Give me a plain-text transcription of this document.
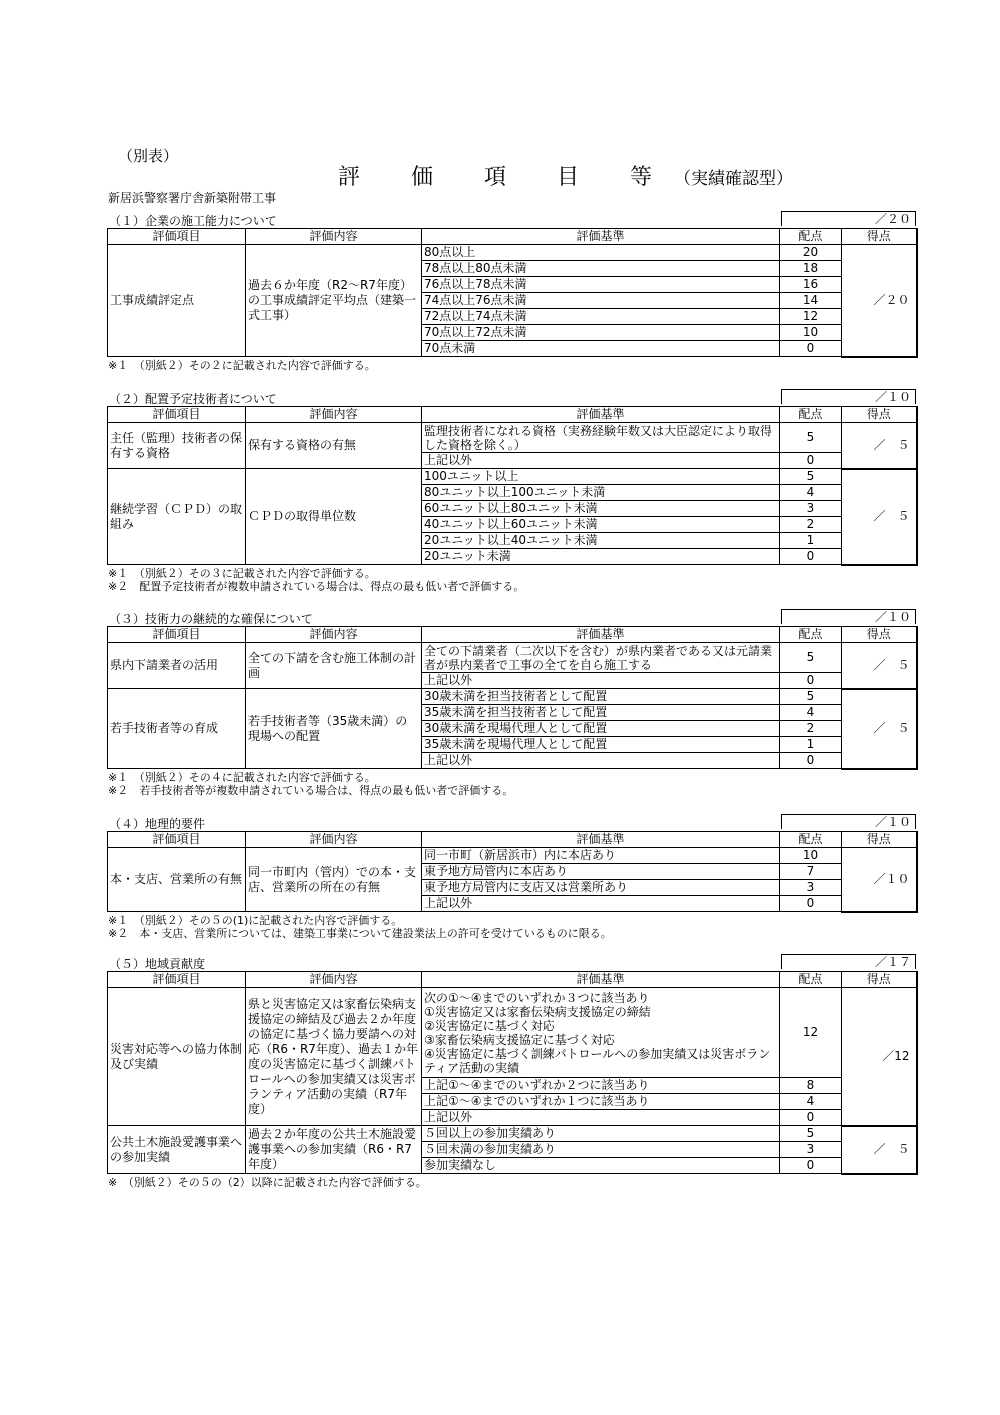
（別表）
評 価 項 目 等（実績確認型）
新居浜警察署庁舎新築附帯工事
（１）企業の施工能力について	／２０
評価項目	評価内容	評価基準	配点	得点
工事成績評定点	過去６か年度（R2～R7年度）の工事成績評定平均点（建築一式工事）	80点以上	20	／２０
		78点以上80点未満	18	
		76点以上78点未満	16	
		74点以上76点未満	14	
		72点以上74点未満	12	
		70点以上72点未満	10	
		70点未満	0	
※１　（別紙２）その２に記載された内容で評価する。
（２）配置予定技術者について	／１０
評価項目	評価内容	評価基準	配点	得点
主任（監理）技術者の保有する資格	保有する資格の有無	監理技術者になれる資格（実務経験年数又は大臣認定により取得した資格を除く。）	5	／　５
		上記以外	0	
継続学習（ＣＰＤ）の取組み	ＣＰＤの取得単位数	100ユニット以上	5	／　５
		80ユニット以上100ユニット未満	4	
		60ユニット以上80ユニット未満	3	
		40ユニット以上60ユニット未満	2	
		20ユニット以上40ユニット未満	1	
		20ユニット未満	0	
※１　（別紙２）その３に記載された内容で評価する。
※２　配置予定技術者が複数申請されている場合は、得点の最も低い者で評価する。
（３）技術力の継続的な確保について	／１０
評価項目	評価内容	評価基準	配点	得点
県内下請業者の活用	全ての下請を含む施工体制の計画	全ての下請業者（二次以下を含む）が県内業者である又は元請業者が県内業者で工事の全てを自ら施工する	5	／　５
		上記以外	0	
若手技術者等の育成	若手技術者等（35歳未満）の現場への配置	30歳未満を担当技術者として配置	5	／　５
		35歳未満を担当技術者として配置	4	
		30歳未満を現場代理人として配置	2	
		35歳未満を現場代理人として配置	1	
		上記以外	0	
※１　（別紙２）その４に記載された内容で評価する。
※２　若手技術者等が複数申請されている場合は、得点の最も低い者で評価する。
（４）地理的要件	／１０
評価項目	評価内容	評価基準	配点	得点
本・支店、営業所の有無	同一市町内（管内）での本・支店、営業所の所在の有無	同一市町（新居浜市）内に本店あり	10	／１０
		東予地方局管内に本店あり	7	
		東予地方局管内に支店又は営業所あり	3	
		上記以外	0	
※１　（別紙２）その５の(1)に記載された内容で評価する。
※２　本・支店、営業所については、建築工事業について建設業法上の許可を受けているものに限る。
（５）地域貢献度	／１７
評価項目	評価内容	評価基準	配点	得点
災害対応等への協力体制及び実績	県と災害協定又は家畜伝染病支援協定の締結及び過去２か年度の協定に基づく協力要請への対応（R6・R7年度）、過去１か年度の災害協定に基づく訓練パトロールへの参加実績又は災害ボランティア活動の実績（R7年度）	次の①～④までのいずれか３つに該当あり
①災害協定又は家畜伝染病支援協定の締結
②災害協定に基づく対応
③家畜伝染病支援協定に基づく対応
④災害協定に基づく訓練パトロールへの参加実績又は災害ボランティア活動の実績	12	／12
		上記①～④までのいずれか２つに該当あり	8	
		上記①～④までのいずれか１つに該当あり	4	
		上記以外	0	
公共土木施設愛護事業への参加実績	過去２か年度の公共土木施設愛護事業への参加実績（R6・R7年度）	５回以上の参加実績あり	5	／　５
		５回未満の参加実績あり	3	
		参加実績なし	0	
※　（別紙２）その５の（2）以降に記載された内容で評価する。
